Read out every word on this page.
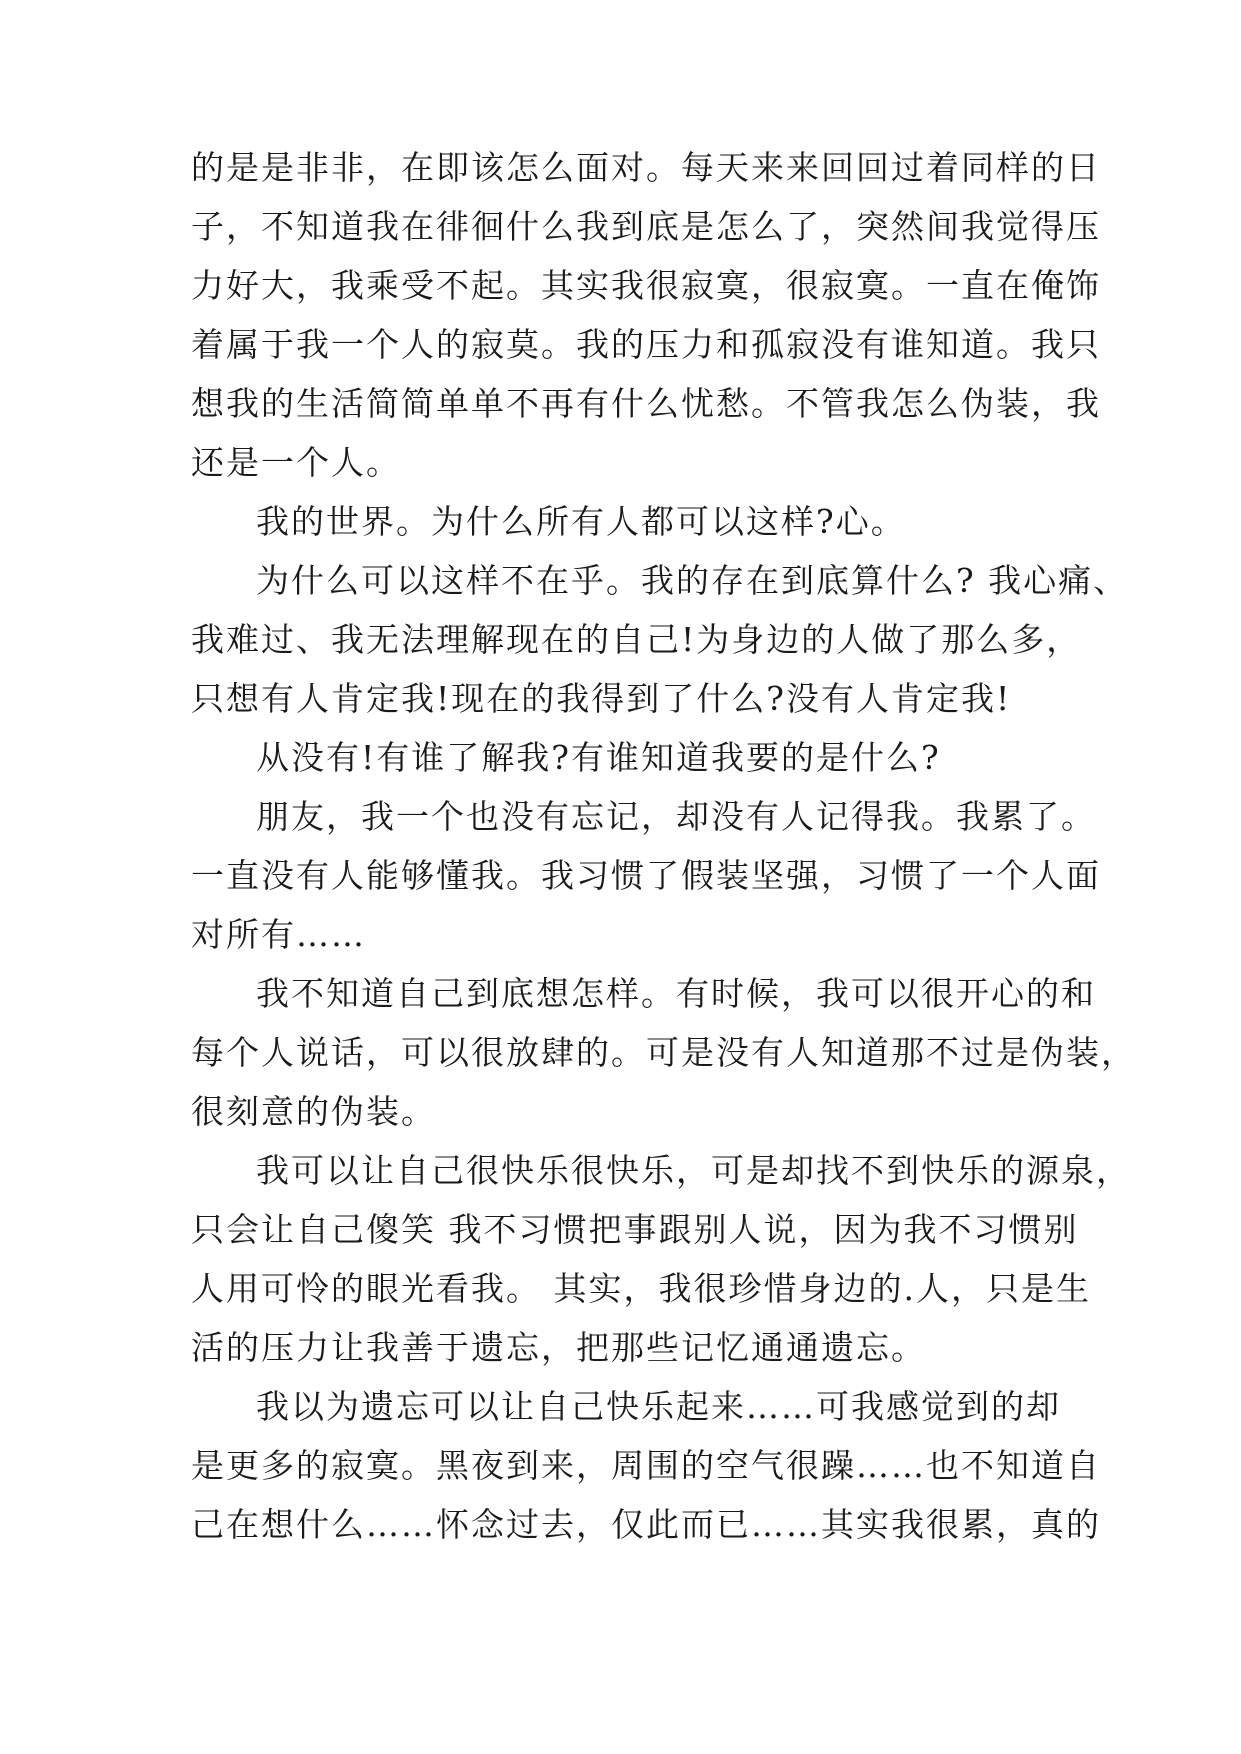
的是是非非，在即该怎么面对。每天来来回回过着同样的日
子，不知道我在徘徊什么我到底是怎么了，突然间我觉得压
力好大，我乘受不起。其实我很寂寞，很寂寞。一直在俺饰
着属于我一个人的寂莫。我的压力和孤寂没有谁知道。我只
想我的生活简简单单不再有什么忧愁。不管我怎么伪装，我
还是一个人。
我的世界。为什么所有人都可以这样?心。
为什么可以这样不在乎。我的存在到底算什么? 我心痛、
我难过、我无法理解现在的自己!为身边的人做了那么多，
只想有人肯定我!现在的我得到了什么?没有人肯定我!
从没有!有谁了解我?有谁知道我要的是什么?
朋友，我一个也没有忘记，却没有人记得我。我累了。
一直没有人能够懂我。我习惯了假装坚强，习惯了一个人面
对所有……
我不知道自己到底想怎样。有时候，我可以很开心的和
每个人说话，可以很放肆的。可是没有人知道那不过是伪装，
很刻意的伪装。
我可以让自己很快乐很快乐，可是却找不到快乐的源泉，
只会让自己傻笑 我不习惯把事跟别人说，因为我不习惯别
人用可怜的眼光看我。 其实，我很珍惜身边的.人，只是生
活的压力让我善于遗忘，把那些记忆通通遗忘。
我以为遗忘可以让自己快乐起来……可我感觉到的却
是更多的寂寞。黑夜到来，周围的空气很躁……也不知道自
己在想什么……怀念过去，仅此而已……其实我很累，真的
